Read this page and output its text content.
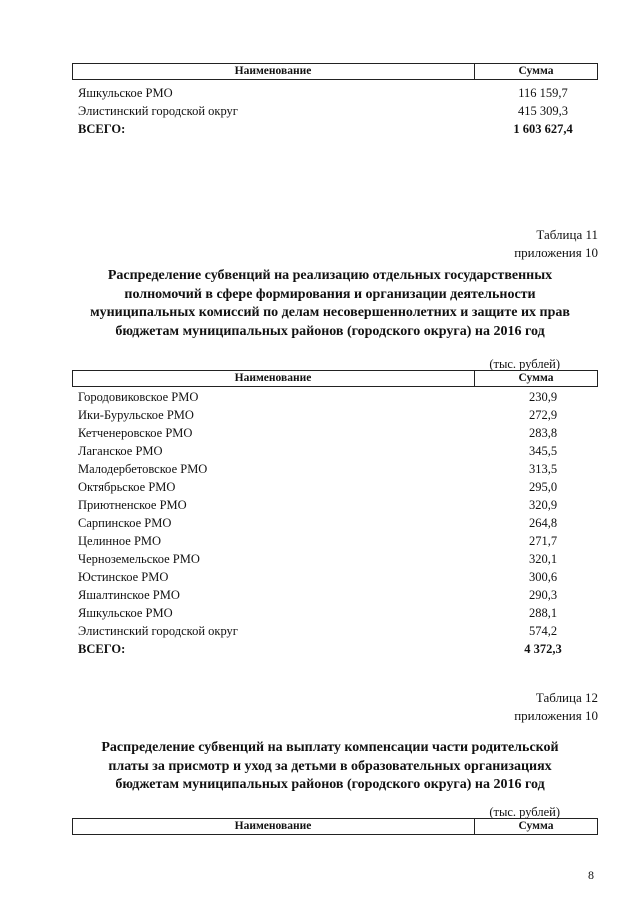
Наименование	Сумма
Яшкульское РМО	116 159,7
Элистинский городской округ	415 309,3
ВСЕГО:	1 603 627,4
Таблица 11
приложения 10
Распределение субвенций на реализацию отдельных государственных
полномочий в сфере формирования и организации деятельности
муниципальных комиссий по делам несовершеннолетних и защите их прав
бюджетам муниципальных районов (городского округа) на 2016 год
(тыс. рублей)
Наименование	Сумма
Городовиковское РМО	230,9
Ики-Бурульское РМО	272,9
Кетченеровское РМО	283,8
Лаганское РМО	345,5
Малодербетовское РМО	313,5
Октябрьское РМО	295,0
Приютненское РМО	320,9
Сарпинское РМО	264,8
Целинное РМО	271,7
Черноземельское РМО	320,1
Юстинское РМО	300,6
Яшалтинское РМО	290,3
Яшкульское РМО	288,1
Элистинский городской округ	574,2
ВСЕГО:	4 372,3
Таблица 12
приложения 10
Распределение субвенций на выплату компенсации части родительской
платы за присмотр и уход за детьми в образовательных организациях
бюджетам муниципальных районов (городского округа) на 2016 год
(тыс. рублей)
Наименование	Сумма
8
